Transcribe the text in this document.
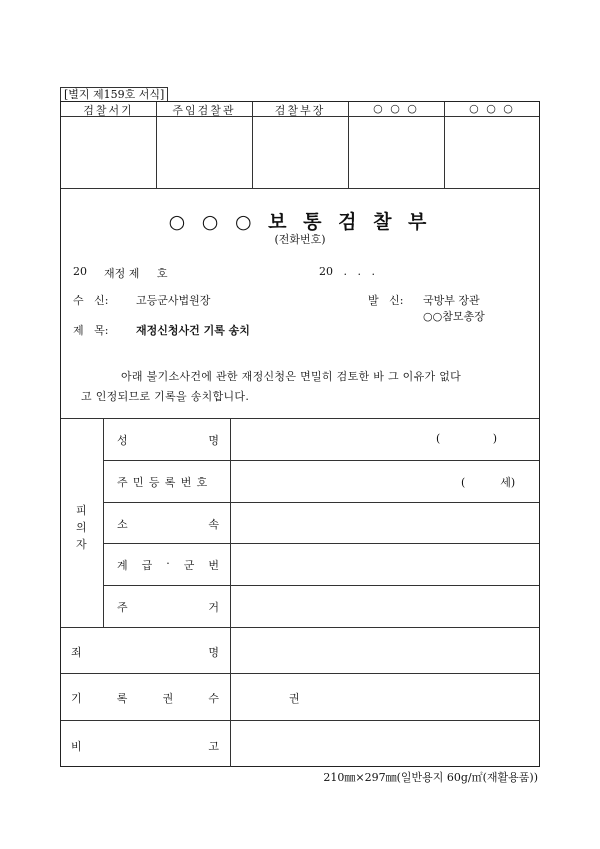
[별지 제159호 서식]
검찰서기	주임검찰관	검찰부장	○ ○ ○	○ ○ ○
○ ○ ○ 보 통 검 찰 부
(전화번호)
20 재정 제     호	20   .   .   .
수   신:	고등군사법원장	발   신: 국방부 장관
○○참모총장
제   목:	재정신청사건 기록 송치
아래 불기소사건에 관한 재정신청은 면밀히 검토한 바 그 이유가 없다
고 인정되므로 기록을 송치합니다.
피
의
자
성	명	(               )
주민등록번호	(          세)
소	속
계 급 · 군 번
주	거
죄	명
기	록	권	수	권
비	고
210㎜×297㎜(일반용지 60g/㎡(재활용품))
